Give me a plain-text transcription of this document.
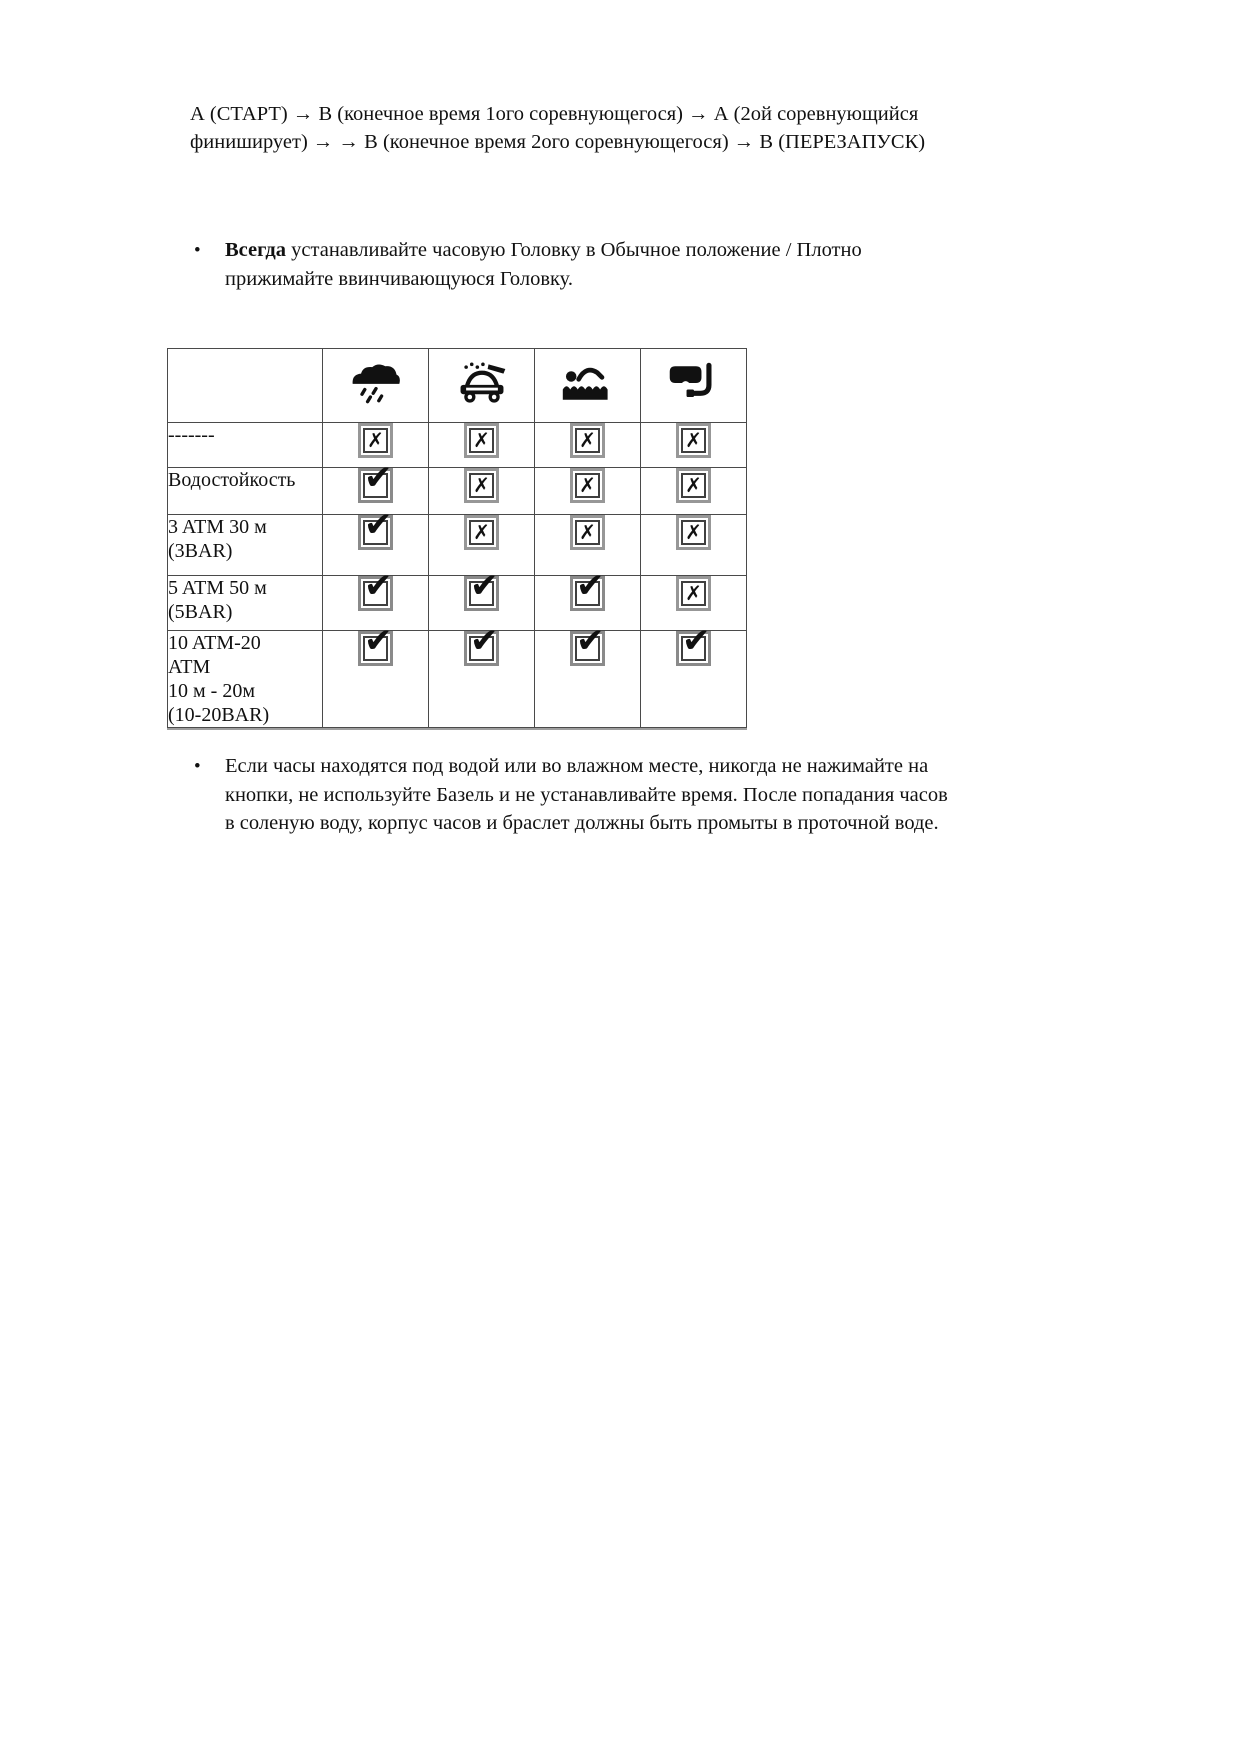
А (СТАРТ) → В (конечное время 1ого соревнующегося) → А (2ой соревнующийся
финиширует) → → В (конечное время 2ого соревнующегося) → В (ПЕРЕЗАПУСК)

•	Всегда устанавливайте часовую Головку в Обычное положение / Плотно
прижимайте ввинчивающуюся Головку.

-------	✗	✗	✗	✗

Водостойкость	✔	✗	✗	✗

3 ATM 30 м
(3BAR)	✔	✗	✗	✗

5 ATM 50 м
(5BAR)	✔	✔	✔	✗

10 ATM-20
ATM
10 м - 20м
(10-20BAR)	✔	✔	✔	✔
•	Если часы находятся под водой или во влажном месте, никогда не нажимайте на
кнопки, не используйте Базель и не устанавливайте время. После попадания часов
в соленую воду, корпус часов и браслет должны быть промыты в проточной воде.
